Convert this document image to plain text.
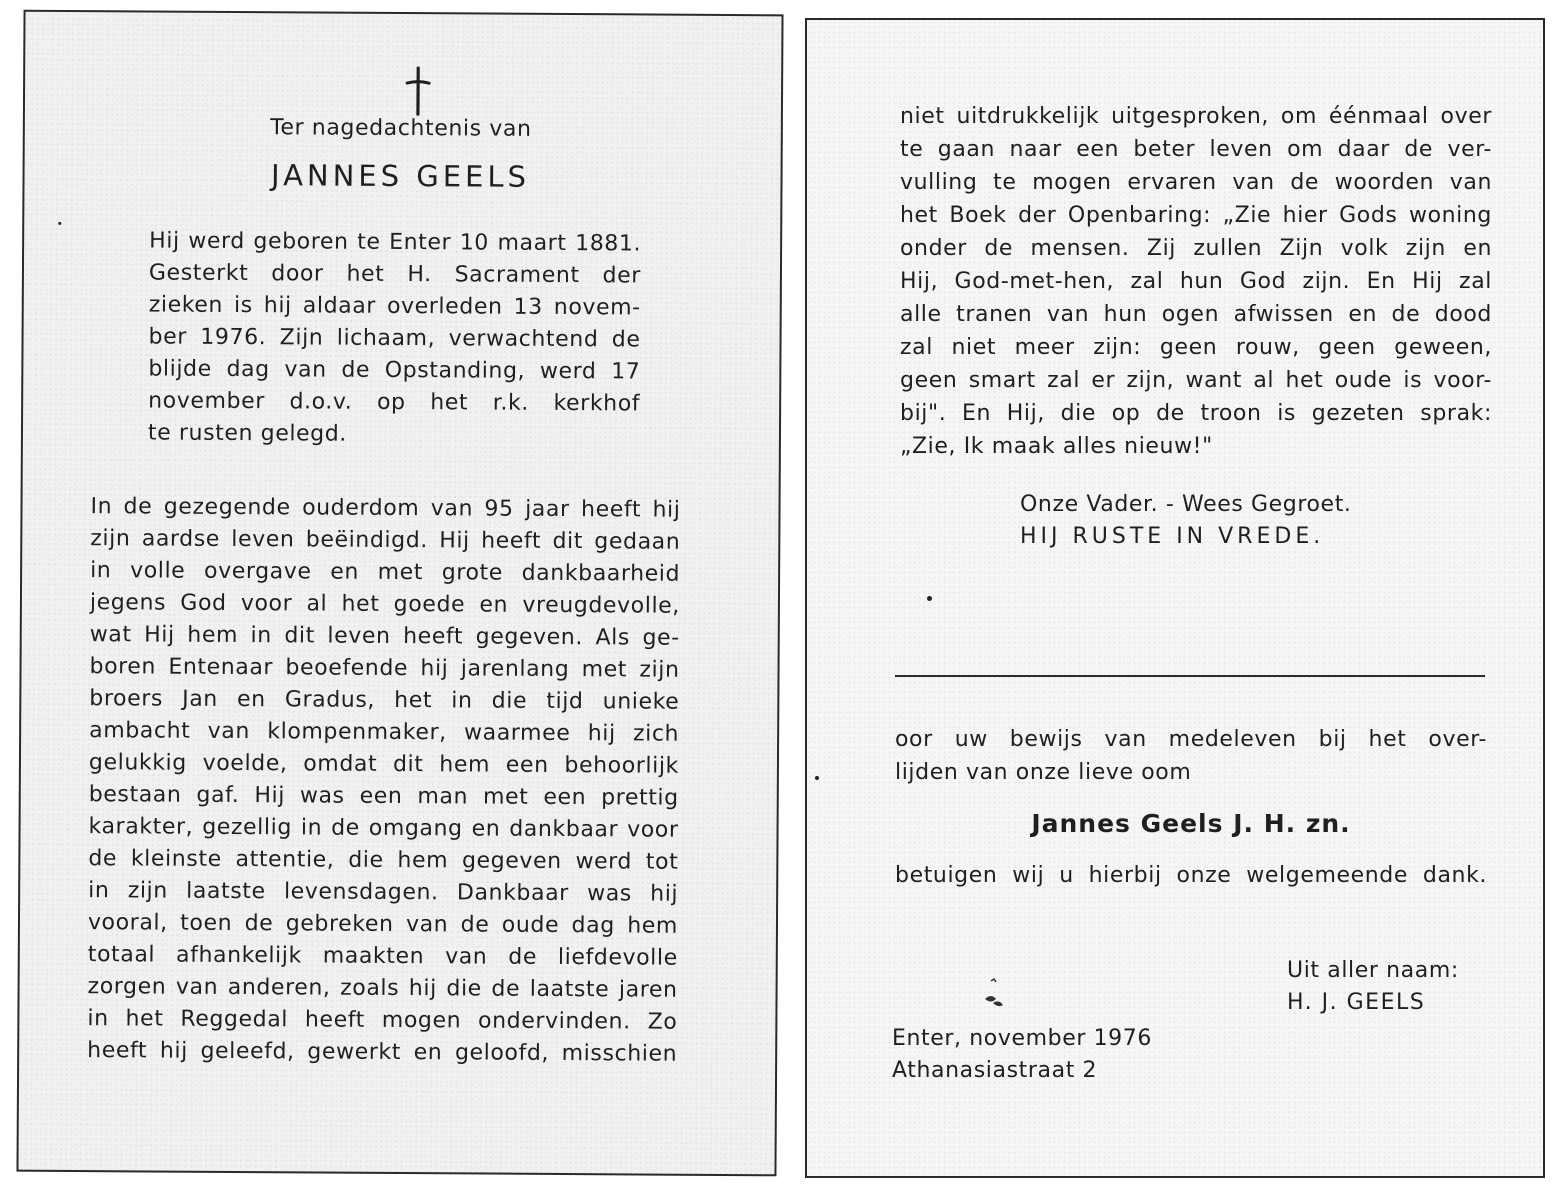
Ter nagedachtenis van
JANNES GEELS
Hij werd geboren te Enter 10 maart 1881.
Gesterkt door het H. Sacrament der
zieken is hij aldaar overleden 13 novem-
ber 1976. Zijn lichaam, verwachtend de
blijde dag van de Opstanding, werd 17
november d.o.v. op het r.k. kerkhof
te rusten gelegd.
In de gezegende ouderdom van 95 jaar heeft hij
zijn aardse leven beëindigd. Hij heeft dit gedaan
in volle overgave en met grote dankbaarheid
jegens God voor al het goede en vreugdevolle,
wat Hij hem in dit leven heeft gegeven. Als ge-
boren Entenaar beoefende hij jarenlang met zijn
broers Jan en Gradus, het in die tijd unieke
ambacht van klompenmaker, waarmee hij zich
gelukkig voelde, omdat dit hem een behoorlijk
bestaan gaf. Hij was een man met een prettig
karakter, gezellig in de omgang en dankbaar voor
de kleinste attentie, die hem gegeven werd tot
in zijn laatste levensdagen. Dankbaar was hij
vooral, toen de gebreken van de oude dag hem
totaal afhankelijk maakten van de liefdevolle
zorgen van anderen, zoals hij die de laatste jaren
in het Reggedal heeft mogen ondervinden. Zo
heeft hij geleefd, gewerkt en geloofd, misschien
niet uitdrukkelijk uitgesproken, om éénmaal over
te gaan naar een beter leven om daar de ver-
vulling te mogen ervaren van de woorden van
het Boek der Openbaring: „Zie hier Gods woning
onder de mensen. Zij zullen Zijn volk zijn en
Hij, God-met-hen, zal hun God zijn. En Hij zal
alle tranen van hun ogen afwissen en de dood
zal niet meer zijn: geen rouw, geen geween,
geen smart zal er zijn, want al het oude is voor-
bij". En Hij, die op de troon is gezeten sprak:
„Zie, Ik maak alles nieuw!"
Onze Vader. - Wees Gegroet.
HIJ RUSTE IN VREDE.
oor uw bewijs van medeleven bij het over-
lijden van onze lieve oom
Jannes Geels J. H. zn.
betuigen wij u hierbij onze welgemeende dank.
Uit aller naam:
H. J. GEELS
Enter, november 1976
Athanasiastraat 2
